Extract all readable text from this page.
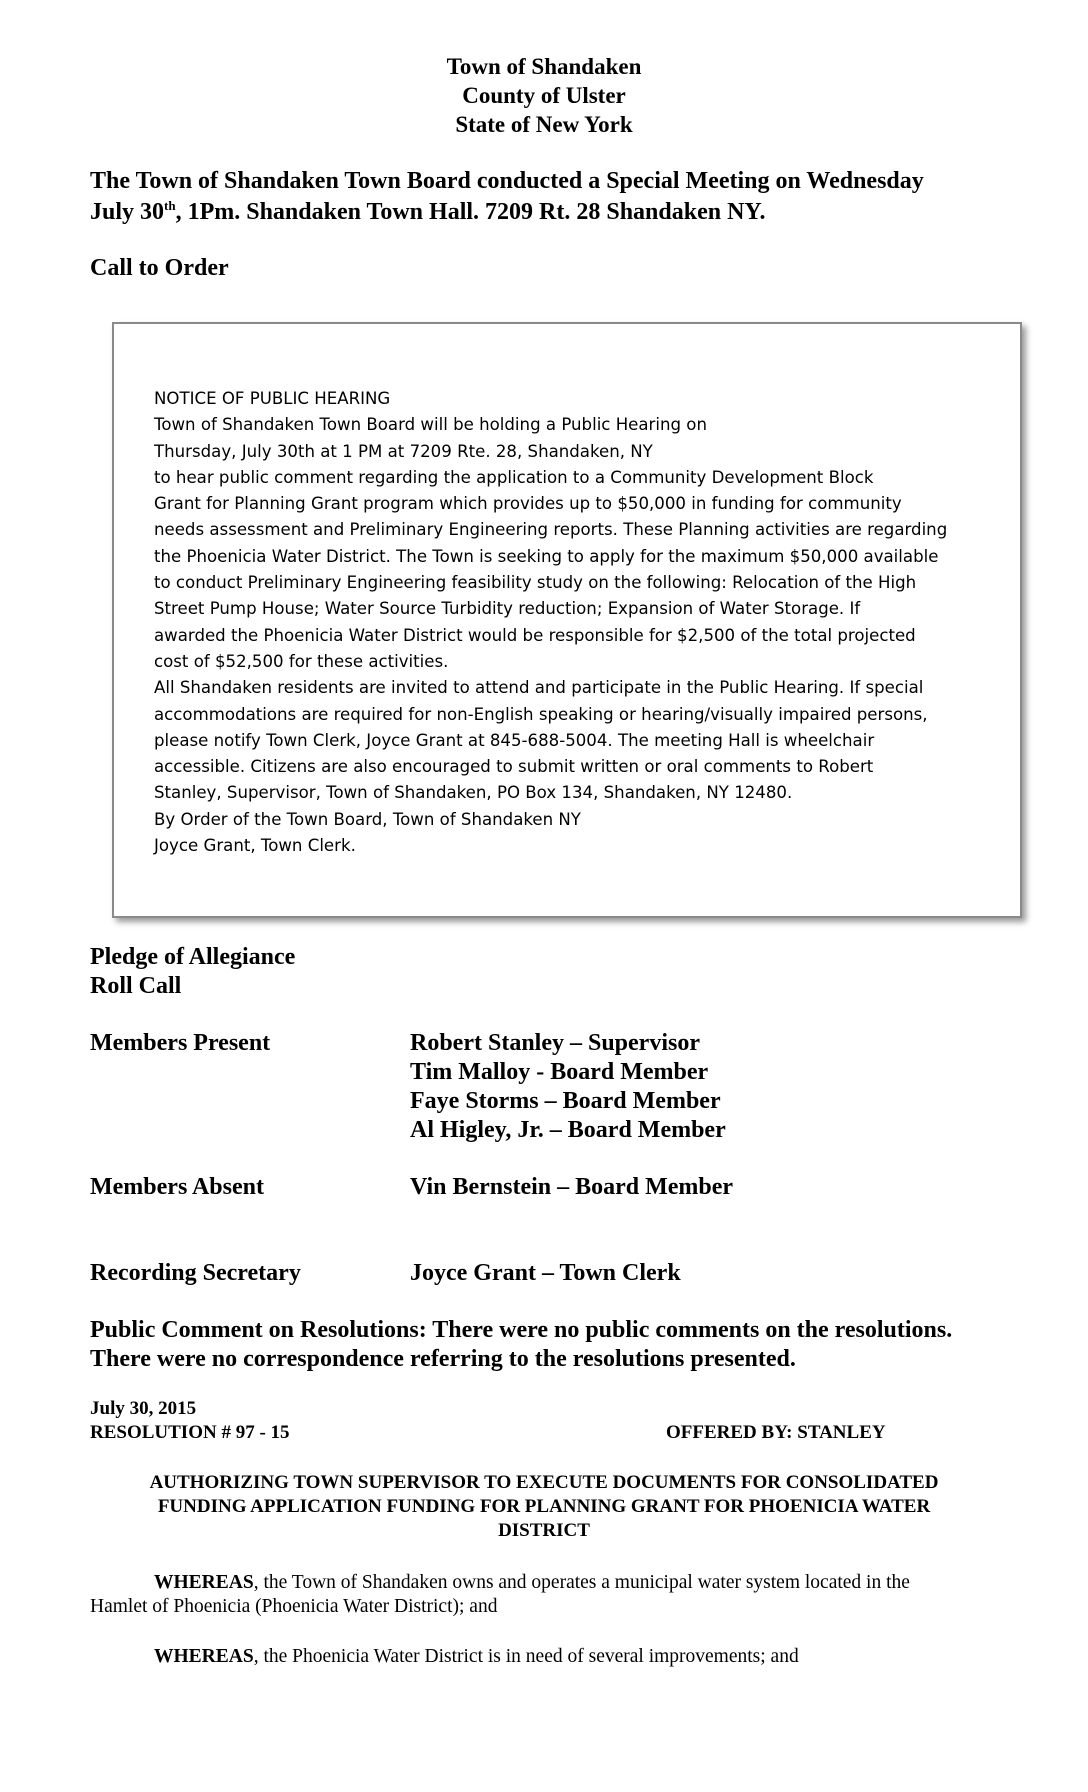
Town of Shandaken
County of Ulster
State of New York
The Town of Shandaken Town Board conducted a Special Meeting on Wednesday
July 30th, 1Pm. Shandaken Town Hall. 7209 Rt. 28 Shandaken NY.
Call to Order
NOTICE OF PUBLIC HEARING
Town of Shandaken Town Board will be holding a Public Hearing on
Thursday, July 30th at 1 PM at 7209 Rte. 28, Shandaken, NY
to hear public comment regarding the application to a Community Development Block
Grant for Planning Grant program which provides up to $50,000 in funding for community
needs assessment and Preliminary Engineering reports. These Planning activities are regarding
the Phoenicia Water District. The Town is seeking to apply for the maximum $50,000 available
to conduct Preliminary Engineering feasibility study on the following: Relocation of the High
Street Pump House; Water Source Turbidity reduction; Expansion of Water Storage. If
awarded the Phoenicia Water District would be responsible for $2,500 of the total projected
cost of $52,500 for these activities.
All Shandaken residents are invited to attend and participate in the Public Hearing. If special
accommodations are required for non-English speaking or hearing/visually impaired persons,
please notify Town Clerk, Joyce Grant at 845-688-5004. The meeting Hall is wheelchair
accessible. Citizens are also encouraged to submit written or oral comments to Robert
Stanley, Supervisor, Town of Shandaken, PO Box 134, Shandaken, NY 12480.
By Order of the Town Board, Town of Shandaken NY
Joyce Grant, Town Clerk.
Pledge of Allegiance
Roll Call
Members Present	Robert Stanley – Supervisor
Tim Malloy - Board Member
Faye Storms – Board Member
Al Higley, Jr. – Board Member
Members Absent	Vin Bernstein – Board Member
Recording Secretary	Joyce Grant – Town Clerk
Public Comment on Resolutions: There were no public comments on the resolutions.
There were no correspondence referring to the resolutions presented.
July 30, 2015
RESOLUTION # 97 - 15	OFFERED BY: STANLEY
AUTHORIZING TOWN SUPERVISOR TO EXECUTE DOCUMENTS FOR CONSOLIDATED
FUNDING APPLICATION FUNDING FOR PLANNING GRANT FOR PHOENICIA WATER
DISTRICT
WHEREAS, the Town of Shandaken owns and operates a municipal water system located in the
Hamlet of Phoenicia (Phoenicia Water District); and
WHEREAS, the Phoenicia Water District is in need of several improvements; and
